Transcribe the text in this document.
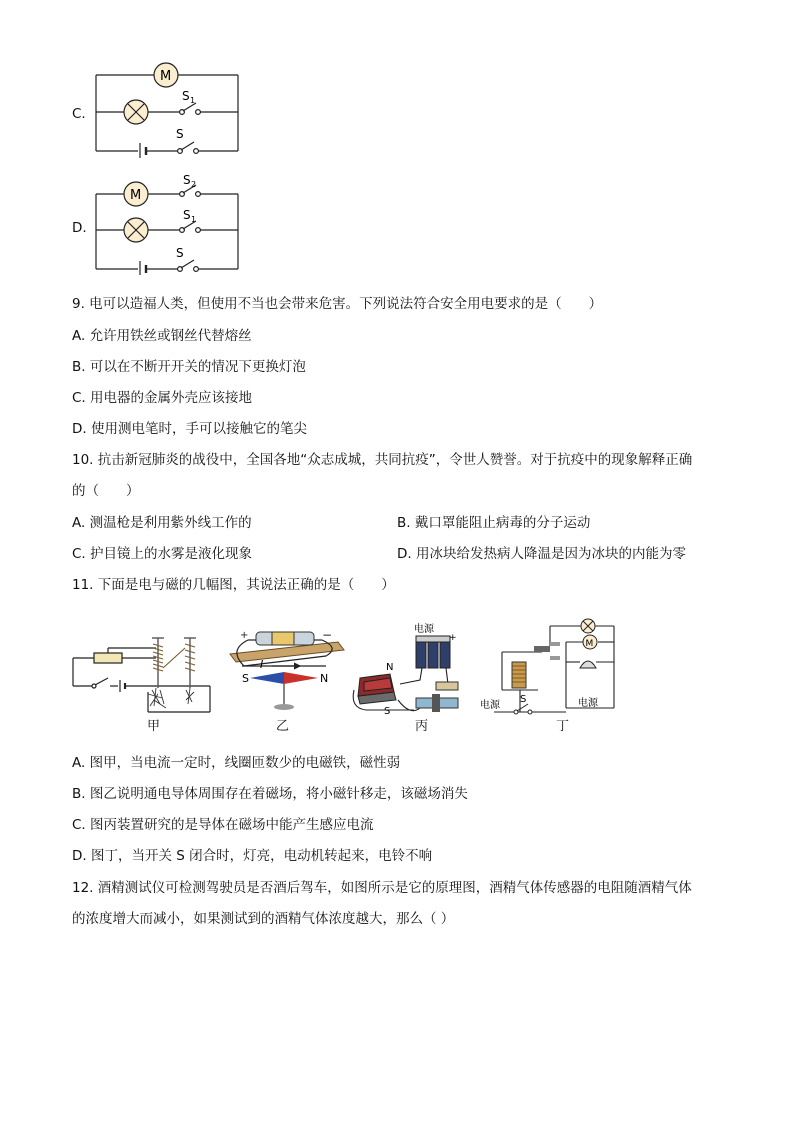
C.
M
S 1
S
D.
M
S 2
S 1
S
9. 电可以造福人类，但使用不当也会带来危害。下列说法符合安全用电要求的是（　　）
A. 允许用铁丝或钢丝代替熔丝
B. 可以在不断开开关的情况下更换灯泡
C. 用电器的金属外壳应该接地
D. 使用测电笔时，手可以接触它的笔尖
10. 抗击新冠肺炎的战役中，全国各地“众志成城，共同抗疫”，令世人赞誉。对于抗疫中的现象解释正确
的（　　）
A. 测温枪是利用紫外线工作的	B. 戴口罩能阻止病毒的分子运动
C. 护目镜上的水雾是液化现象	D. 用冰块给发热病人降温是因为冰块的内能为零
11. 下面是电与磁的几幅图，其说法正确的是（　　）
甲
+	−
I
S	N
乙
+
电源
N
S
丙
M
电源	电源
S
丁
A. 图甲，当电流一定时，线圈匝数少的电磁铁，磁性弱
B. 图乙说明通电导体周围存在着磁场，将小磁针移走，该磁场消失
C. 图丙装置研究的是导体在磁场中能产生感应电流
D. 图丁，当开关 S 闭合时，灯亮，电动机转起来，电铃不响
12. 酒精测试仪可检测驾驶员是否酒后驾车，如图所示是它的原理图，酒精气体传感器的电阻随酒精气体
的浓度增大而减小，如果测试到的酒精气体浓度越大，那么（ ）
